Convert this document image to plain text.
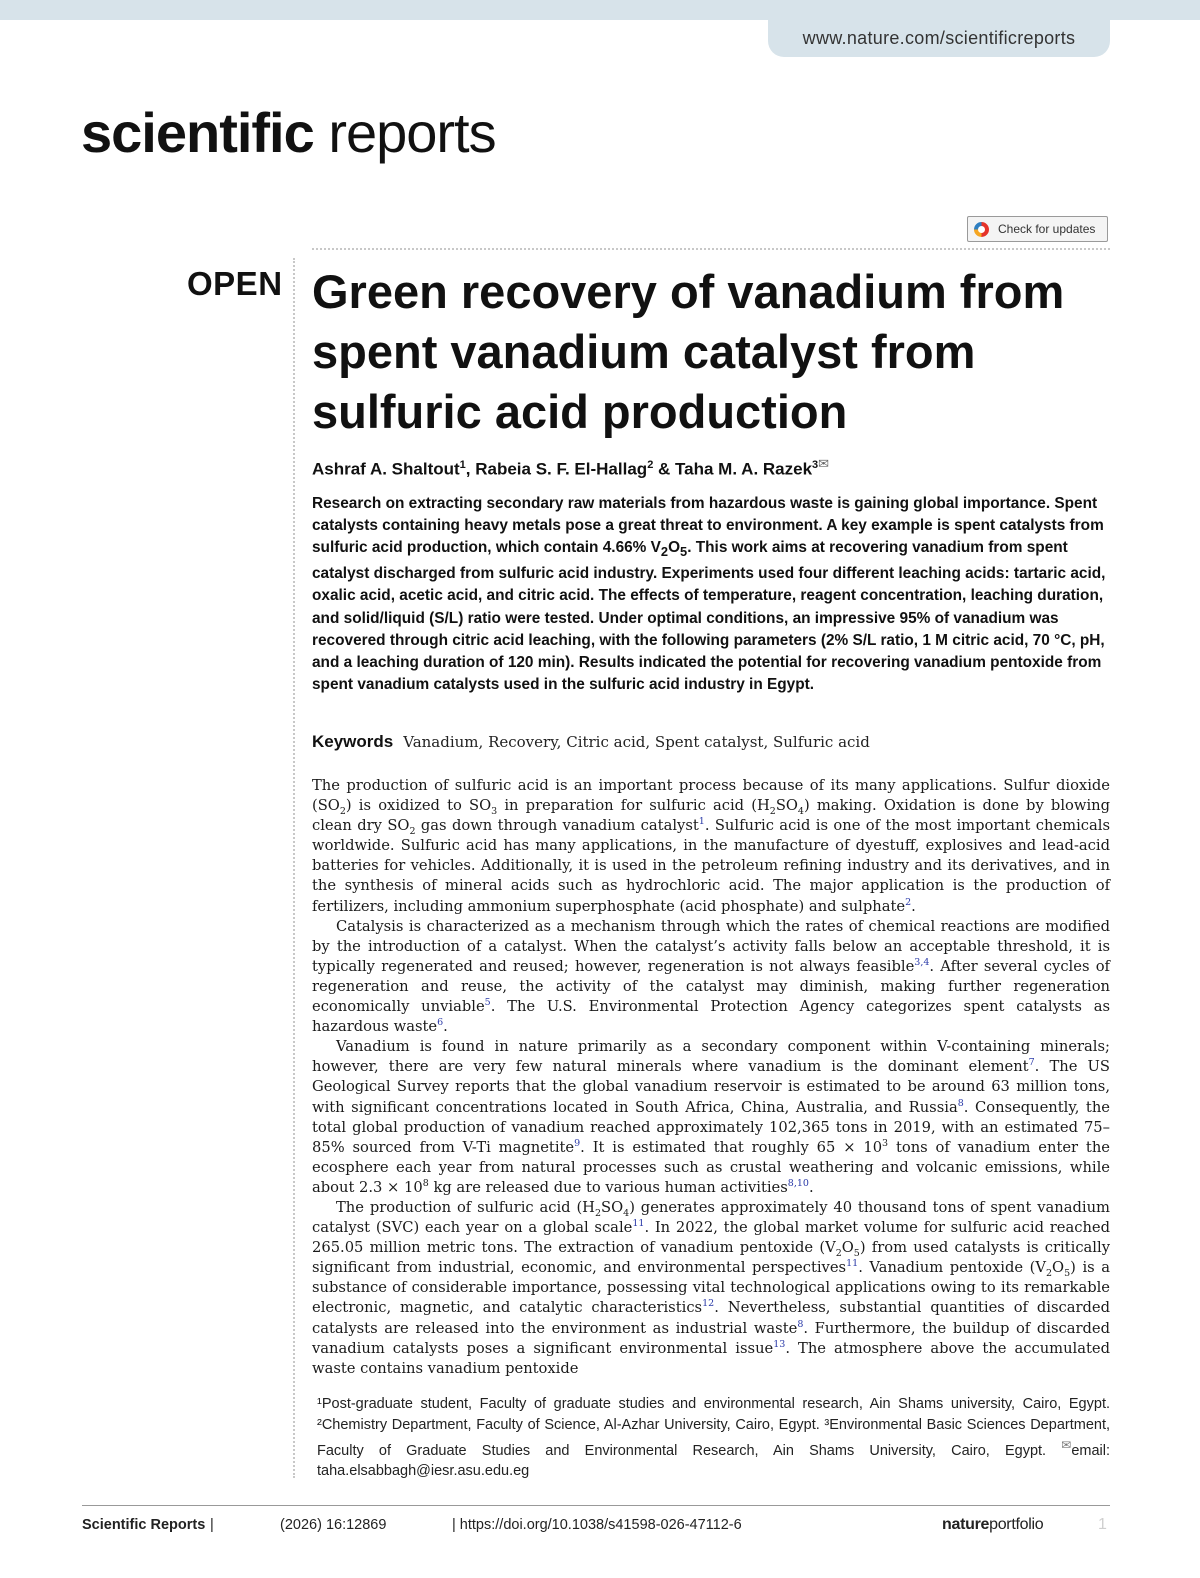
www.nature.com/scientificreports
scientific reports
Check for updates
OPEN Green recovery of vanadium from spent vanadium catalyst from sulfuric acid production
Ashraf A. Shaltout$^1$, Rabeia S. F. El-Hallag$^2$ & Taha M. A. Razek$^{3✉}$

Research on extracting secondary raw materials from hazardous waste is gaining global importance. Spent catalysts containing heavy metals pose a great threat to environment. A key example is spent catalysts from sulfuric acid production, which contain 4.66% $V_2O_5$. This work aims at recovering vanadium from spent catalyst discharged from sulfuric acid industry. Experiments used four different leaching acids: tartaric acid, oxalic acid, acetic acid, and citric acid. The effects of temperature, reagent concentration, leaching duration, and solid/liquid (S/L) ratio were tested. Under optimal conditions, an impressive 95% of vanadium was recovered through citric acid leaching, with the following parameters (2% S/L ratio, 1 M citric acid, 70 °C, pH, and a leaching duration of 120 min). Results indicated the potential for recovering vanadium pentoxide from spent vanadium catalysts used in the sulfuric acid industry in Egypt.

Keywords Vanadium, Recovery, Citric acid, Spent catalyst, Sulfuric acid

The production of sulfuric acid is an important process because of its many applications. Sulfur dioxide $(SO_2)$ is oxidized to $SO_3$ in preparation for sulfuric acid $(H_2SO_4)$ making. Oxidation is done by blowing clean dry $SO_2$ gas down through vanadium catalyst$^1$. Sulfuric acid is one of the most important chemicals worldwide. Sulfuric acid has many applications, in the manufacture of dyestuff, explosives and lead-acid batteries for vehicles. Additionally, it is used in the petroleum refining industry and its derivatives, and in the synthesis of mineral acids such as hydrochloric acid. The major application is the production of fertilizers, including ammonium superphosphate (acid phosphate) and sulphate$^2$.

Catalysis is characterized as a mechanism through which the rates of chemical reactions are modified by the introduction of a catalyst. When the catalyst’s activity falls below an acceptable threshold, it is typically regenerated and reused; however, regeneration is not always feasible$^{3,4}$. After several cycles of regeneration and reuse, the activity of the catalyst may diminish, making further regeneration economically unviable$^5$. The U.S. Environmental Protection Agency categorizes spent catalysts as hazardous waste$^6$.

Vanadium is found in nature primarily as a secondary component within V-containing minerals; however, there are very few natural minerals where vanadium is the dominant element$^7$. The US Geological Survey reports that the global vanadium reservoir is estimated to be around 63 million tons, with significant concentrations located in South Africa, China, Australia, and Russia$^8$. Consequently, the total global production of vanadium reached approximately 102,365 tons in 2019, with an estimated 75–85% sourced from V-Ti magnetite$^9$. It is estimated that roughly $65 \times 10^3$ tons of vanadium enter the ecosphere each year from natural processes such as crustal weathering and volcanic emissions, while about $2.3 \times 10^8$ kg are released due to various human activities$^{8,10}$.

The production of sulfuric acid $(H_2SO_4)$ generates approximately 40 thousand tons of spent vanadium catalyst (SVC) each year on a global scale$^{11}$. In 2022, the global market volume for sulfuric acid reached 265.05 million metric tons. The extraction of vanadium pentoxide $(V_2O_5)$ from used catalysts is critically significant from industrial, economic, and environmental perspectives$^{11}$. Vanadium pentoxide $(V_2O_5)$ is a substance of considerable importance, possessing vital technological applications owing to its remarkable electronic, magnetic, and catalytic characteristics$^{12}$. Nevertheless, substantial quantities of discarded catalysts are released into the environment as industrial waste$^8$. Furthermore, the buildup of discarded vanadium catalysts poses a significant environmental issue$^{13}$. The atmosphere above the accumulated waste contains vanadium pentoxide

¹Post-graduate student, Faculty of graduate studies and environmental research, Ain Shams university, Cairo, Egypt. ²Chemistry Department, Faculty of Science, Al-Azhar University, Cairo, Egypt. ³Environmental Basic Sciences Department, Faculty of Graduate Studies and Environmental Research, Ain Shams University, Cairo, Egypt. ✉email: taha.elsabbagh@iesr.asu.edu.eg

Scientific Reports |	(2026) 16:12869	| https://doi.org/10.1038/s41598-026-47112-6	natureportfolio	1
